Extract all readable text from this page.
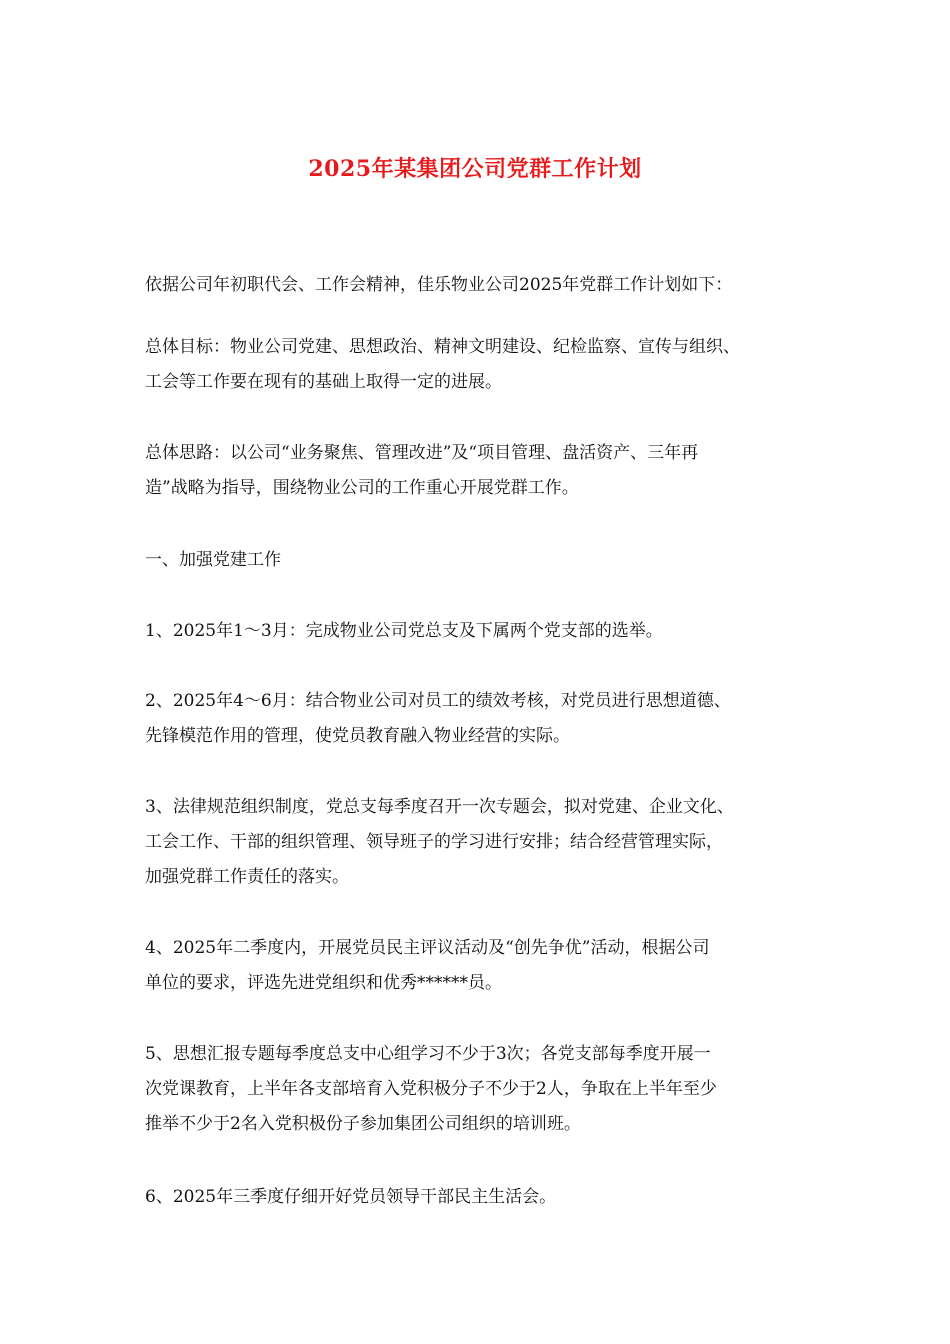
2025年某集团公司党群工作计划
依据公司年初职代会、工作会精神，佳乐物业公司2025年党群工作计划如下：
总体目标：物业公司党建、思想政治、精神文明建设、纪检监察、宣传与组织、
工会等工作要在现有的基础上取得一定的进展。
总体思路：以公司“业务聚焦、管理改进”及“项目管理、盘活资产、三年再
造”战略为指导，围绕物业公司的工作重心开展党群工作。
一、加强党建工作
1、2025年1～3月：完成物业公司党总支及下属两个党支部的选举。
2、2025年4～6月：结合物业公司对员工的绩效考核，对党员进行思想道德、
先锋模范作用的管理，使党员教育融入物业经营的实际。
3、法律规范组织制度，党总支每季度召开一次专题会，拟对党建、企业文化、
工会工作、干部的组织管理、领导班子的学习进行安排；结合经营管理实际，
加强党群工作责任的落实。
4、2025年二季度内，开展党员民主评议活动及“创先争优”活动，根据公司
单位的要求，评选先进党组织和优秀******员。
5、思想汇报专题每季度总支中心组学习不少于3次；各党支部每季度开展一
次党课教育，上半年各支部培育入党积极分子不少于2人，争取在上半年至少
推举不少于2名入党积极份子参加集团公司组织的培训班。
6、2025年三季度仔细开好党员领导干部民主生活会。
